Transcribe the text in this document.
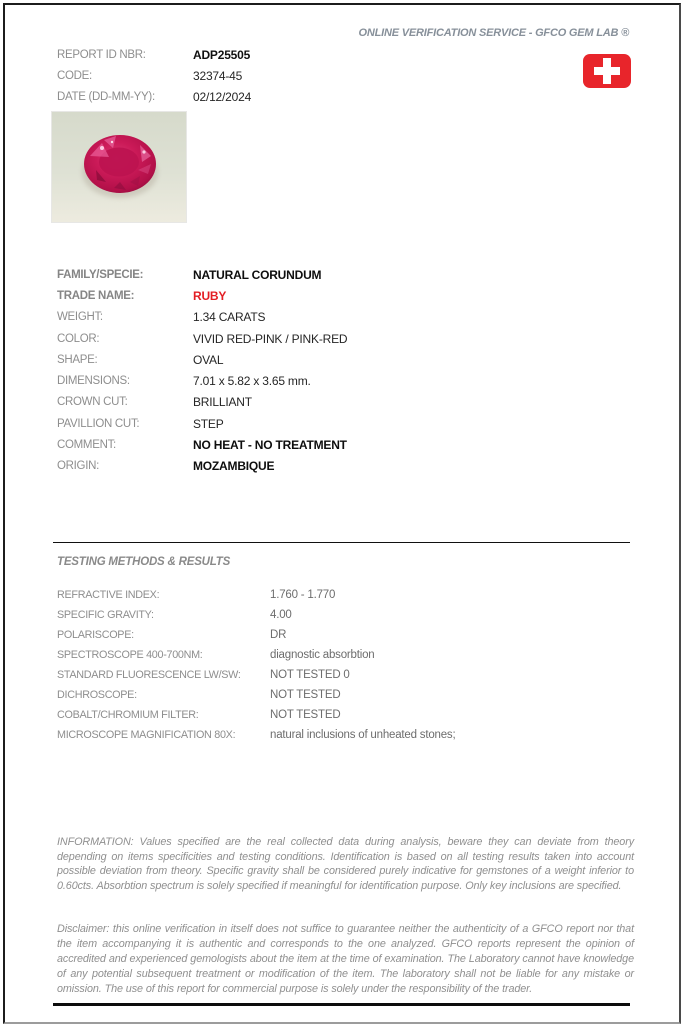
ONLINE VERIFICATION SERVICE - GFCO GEM LAB ®
REPORT ID NBR:	ADP25505
CODE:	32374-45
DATE (DD-MM-YY):	02/12/2024
FAMILY/SPECIE:	NATURAL CORUNDUM
TRADE NAME:	RUBY
WEIGHT:	1.34 CARATS
COLOR:	VIVID RED-PINK / PINK-RED
SHAPE:	OVAL
DIMENSIONS:	7.01 x 5.82 x 3.65 mm.
CROWN CUT:	BRILLIANT
PAVILLION CUT:	STEP
COMMENT:	NO HEAT - NO TREATMENT
ORIGIN:	MOZAMBIQUE
TESTING METHODS & RESULTS
REFRACTIVE INDEX:	1.760 - 1.770
SPECIFIC GRAVITY:	4.00
POLARISCOPE:	DR
SPECTROSCOPE 400-700NM:	diagnostic absorbtion
STANDARD FLUORESCENCE LW/SW:	NOT TESTED 0
DICHROSCOPE:	NOT TESTED
COBALT/CHROMIUM FILTER:	NOT TESTED
MICROSCOPE MAGNIFICATION 80X:	natural inclusions of unheated stones;
INFORMATION: Values specified are the real collected data during analysis, beware they can deviate from theory depending on items specificities and testing conditions. Identification is based on all testing results taken into account possible deviation from theory. Specific gravity shall be considered purely indicative for gemstones of a weight inferior to 0.60cts. Absorbtion spectrum is solely specified if meaningful for identification purpose. Only key inclusions are specified.
Disclaimer: this online verification in itself does not suffice to guarantee neither the authenticity of a GFCO report nor that the item accompanying it is authentic and corresponds to the one analyzed. GFCO reports represent the opinion of accredited and experienced gemologists about the item at the time of examination. The Laboratory cannot have knowledge of any potential subsequent treatment or modification of the item. The laboratory shall not be liable for any mistake or omission. The use of this report for commercial purpose is solely under the responsibility of the trader.
